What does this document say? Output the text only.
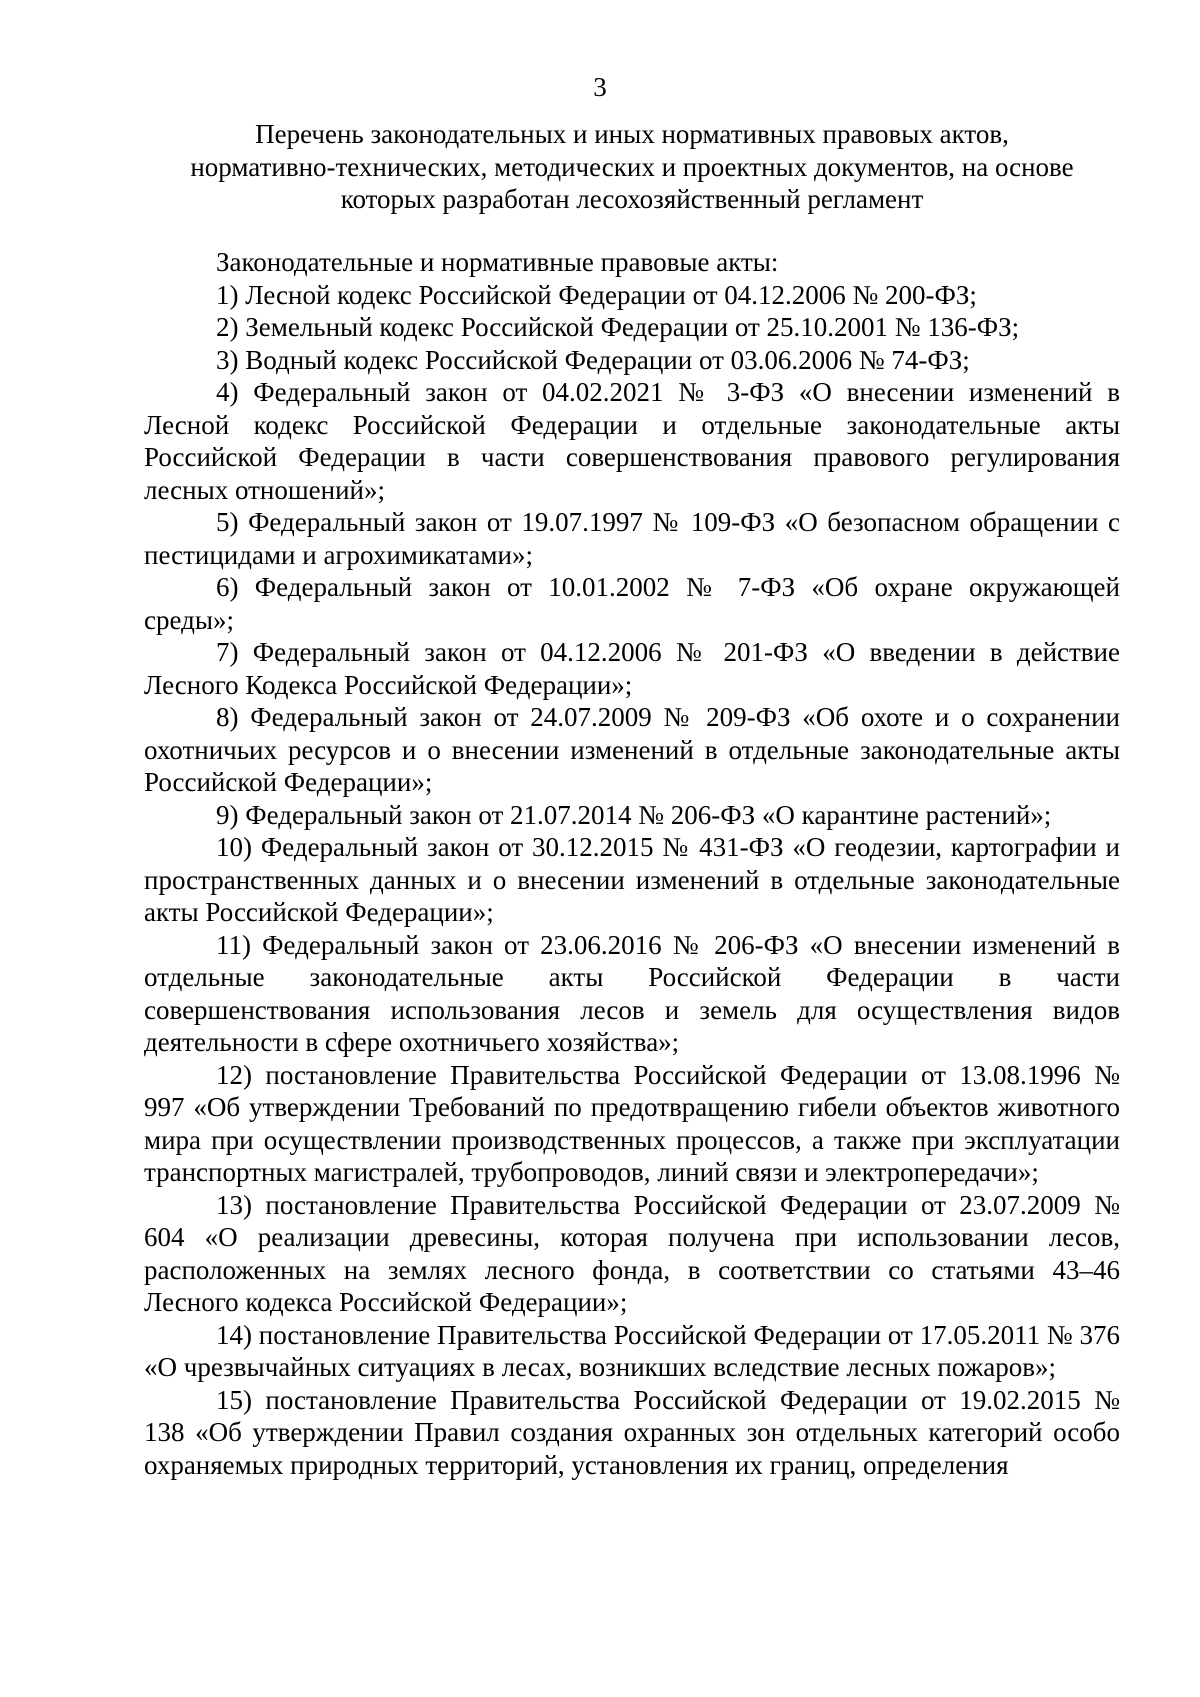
3
Перечень законодательных и иных нормативных правовых актов,
нормативно-технических, методических и проектных документов, на основе
которых разработан лесохозяйственный регламент

Законодательные и нормативные правовые акты:

1) Лесной кодекс Российской Федерации от 04.12.2006 № 200-ФЗ;

2) Земельный кодекс Российской Федерации от 25.10.2001 № 136-ФЗ;

3) Водный кодекс Российской Федерации от 03.06.2006 № 74-ФЗ;

4) Федеральный закон от 04.02.2021 № 3-ФЗ «О внесении изменений в Лесной кодекс Российской Федерации и отдельные законодательные акты Российской Федерации в части совершенствования правового регулирования лесных отношений»;

5) Федеральный закон от 19.07.1997 № 109-ФЗ «О безопасном обращении с пестицидами и агрохимикатами»;

6) Федеральный закон от 10.01.2002 № 7-ФЗ «Об охране окружающей среды»;

7) Федеральный закон от 04.12.2006 № 201-ФЗ «О введении в действие Лесного Кодекса Российской Федерации»;

8) Федеральный закон от 24.07.2009 № 209-ФЗ «Об охоте и о сохранении охотничьих ресурсов и о внесении изменений в отдельные законодательные акты Российской Федерации»;

9) Федеральный закон от 21.07.2014 № 206-ФЗ «О карантине растений»;

10) Федеральный закон от 30.12.2015 № 431-ФЗ «О геодезии, картографии и пространственных данных и о внесении изменений в отдельные законодательные акты Российской Федерации»;

11) Федеральный закон от 23.06.2016 № 206-ФЗ «О внесении изменений в отдельные законодательные акты Российской Федерации в части совершенствования использования лесов и земель для осуществления видов деятельности в сфере охотничьего хозяйства»;

12) постановление Правительства Российской Федерации от 13.08.1996 № 997 «Об утверждении Требований по предотвращению гибели объектов животного мира при осуществлении производственных процессов, а также при эксплуатации транспортных магистралей, трубопроводов, линий связи и электропередачи»;

13) постановление Правительства Российской Федерации от 23.07.2009 № 604 «О реализации древесины, которая получена при использовании лесов, расположенных на землях лесного фонда, в соответствии со статьями 43–46 Лесного кодекса Российской Федерации»;

14) постановление Правительства Российской Федерации от 17.05.2011 № 376 «О чрезвычайных ситуациях в лесах, возникших вследствие лесных пожаров»;

15) постановление Правительства Российской Федерации от 19.02.2015 № 138 «Об утверждении Правил создания охранных зон отдельных категорий особо охраняемых природных территорий, установления их границ, определения
